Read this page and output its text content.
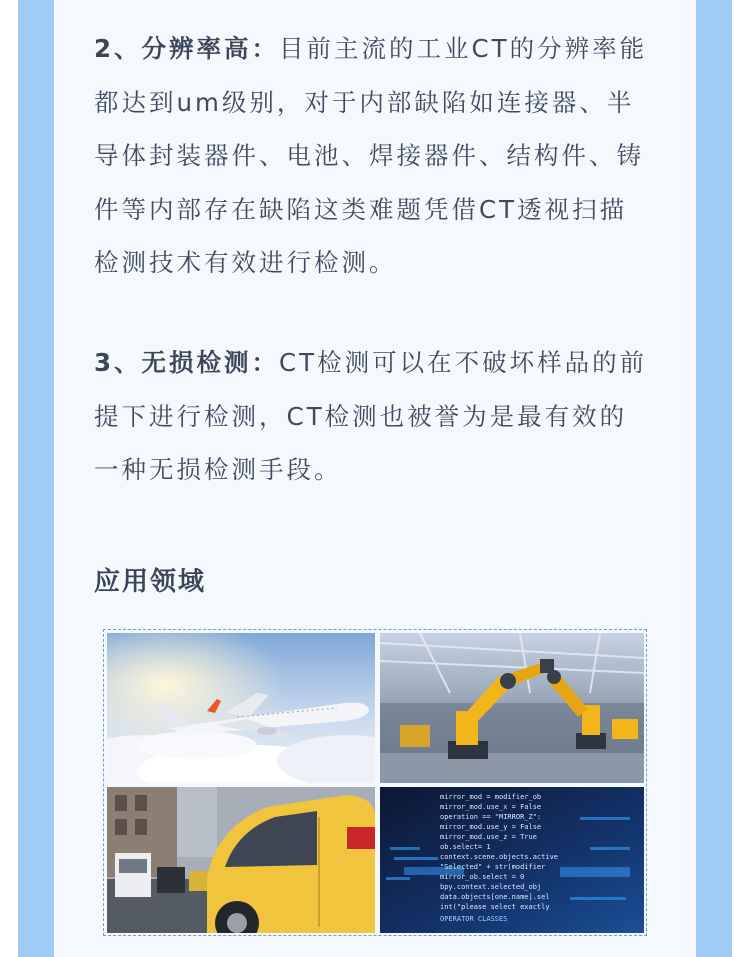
2、分辨率高：目前主流的工业CT的分辨率能
都达到um级别，对于内部缺陷如连接器、半
导体封装器件、电池、焊接器件、结构件、铸
件等内部存在缺陷这类难题凭借CT透视扫描
检测技术有效进行检测。

3、无损检测：CT检测可以在不破坏样品的前
提下进行检测，CT检测也被誉为是最有效的
一种无损检测手段。

应用领域
mirror_mod = modifier_ob
mirror_mod.use_x = False
operation == "MIRROR_Z":
mirror_mod.use_y = False
mirror_mod.use_z = True
ob.select= 1
context.scene.objects.active
"Selected" + str(modifier
mirror_ob.select = 0
bpy.context.selected_obj
data.objects[one.name].sel
int("please select exactly
OPERATOR CLASSES
